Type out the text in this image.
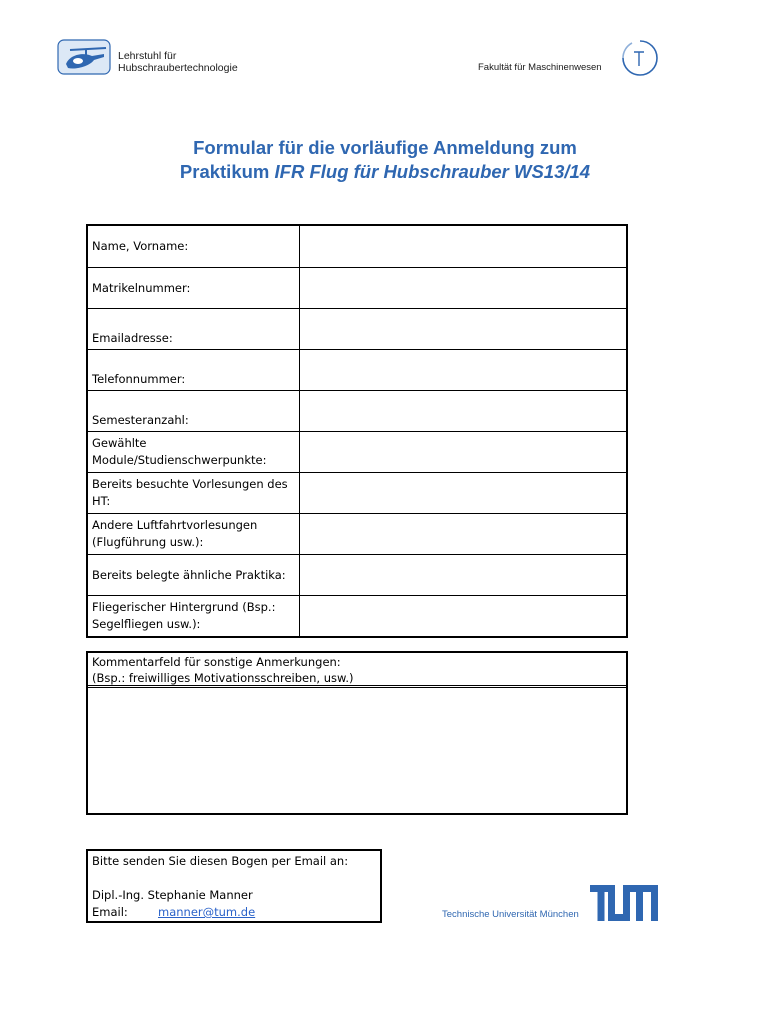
Lehrstuhl für
Hubschraubertechnologie	Fakultät für Maschinenwesen
Formular für die vorläufige Anmeldung zum
Praktikum IFR Flug für Hubschrauber WS13/14
Name, Vorname:
Matrikelnummer:
Emailadresse:
Telefonnummer:
Semesteranzahl:
Gewählte Module/Studienschwerpunkte:
Bereits besuchte Vorlesungen des HT:
Andere Luftfahrtvorlesungen (Flugführung usw.):
Bereits belegte ähnliche Praktika:
Fliegerischer Hintergrund (Bsp.: Segelfliegen usw.):
Kommentarfeld für sonstige Anmerkungen:
(Bsp.: freiwilliges Motivationsschreiben, usw.)
Bitte senden Sie diesen Bogen per Email an:
Dipl.-Ing. Stephanie Manner
Email:	manner@tum.de	Technische Universität München
